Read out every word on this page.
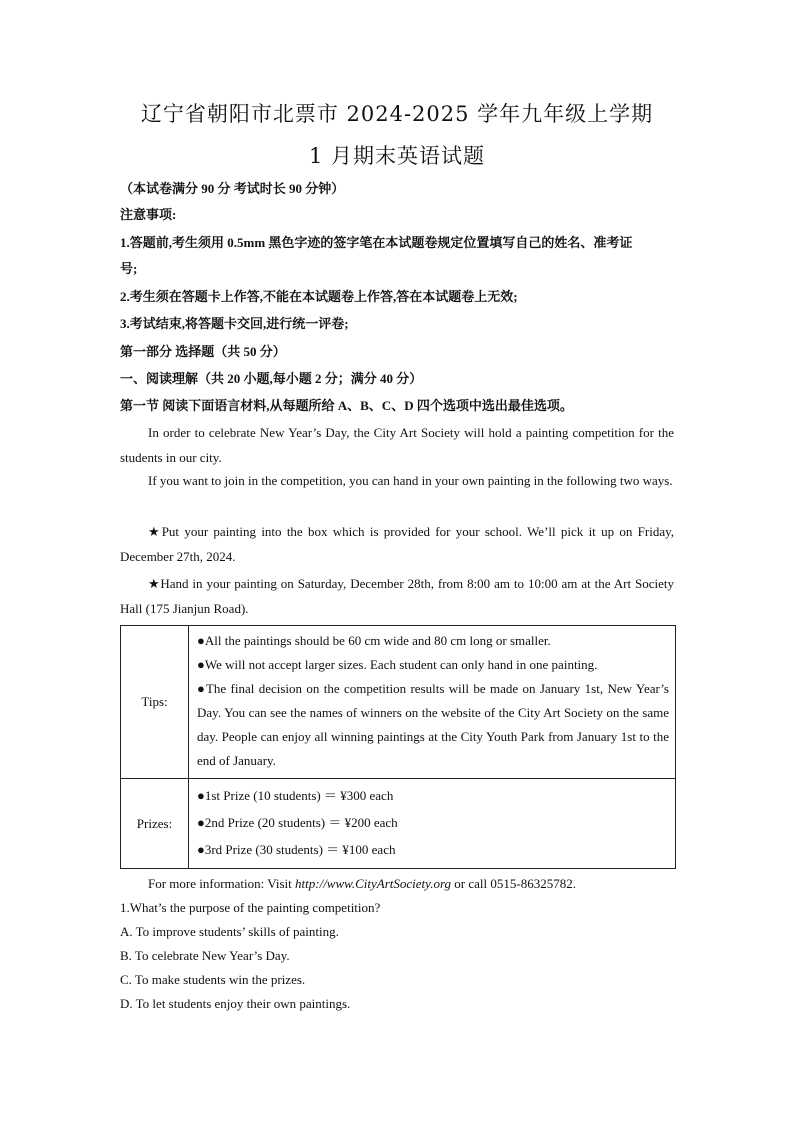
辽宁省朝阳市北票市 2024-2025 学年九年级上学期
1 月期末英语试题
（本试卷满分 90 分 考试时长 90 分钟）
注意事项:
1.答题前,考生须用 0.5mm 黑色字迹的签字笔在本试题卷规定位置填写自己的姓名、准考证
号;
2.考生须在答题卡上作答,不能在本试题卷上作答,答在本试题卷上无效;
3.考试结束,将答题卡交回,进行统一评卷;
第一部分 选择题（共 50 分）
一、阅读理解（共 20 小题,每小题 2 分；满分 40 分）
第一节 阅读下面语言材料,从每题所给 A、B、C、D 四个选项中选出最佳选项。
In order to celebrate New Year’s Day, the City Art Society will hold a painting competition for the students in our city.
If you want to join in the competition, you can hand in your own painting in the following two ways.
★Put your painting into the box which is provided for your school. We’ll pick it up on Friday, December 27th, 2024.
★Hand in your painting on Saturday, December 28th, from 8:00 am to 10:00 am at the Art Society Hall (175 Jianjun Road).
Tips:	●All the paintings should be 60 cm wide and 80 cm long or smaller.
●We will not accept larger sizes. Each student can only hand in one painting.
●The final decision on the competition results will be made on January 1st, New Year’s Day. You can see the names of winners on the website of the City Art Society on the same day. People can enjoy all winning paintings at the City Youth Park from January 1st to the end of January.

Prizes:	●1st Prize (10 students) ＝ ¥300 each
●2nd Prize (20 students) ＝ ¥200 each
●3rd Prize (30 students) ＝ ¥100 each
For more information: Visit http://www.CityArtSociety.org or call 0515-86325782.
1.What’s the purpose of the painting competition?
A. To improve students’ skills of painting.
B. To celebrate New Year’s Day.
C. To make students win the prizes.
D. To let students enjoy their own paintings.
